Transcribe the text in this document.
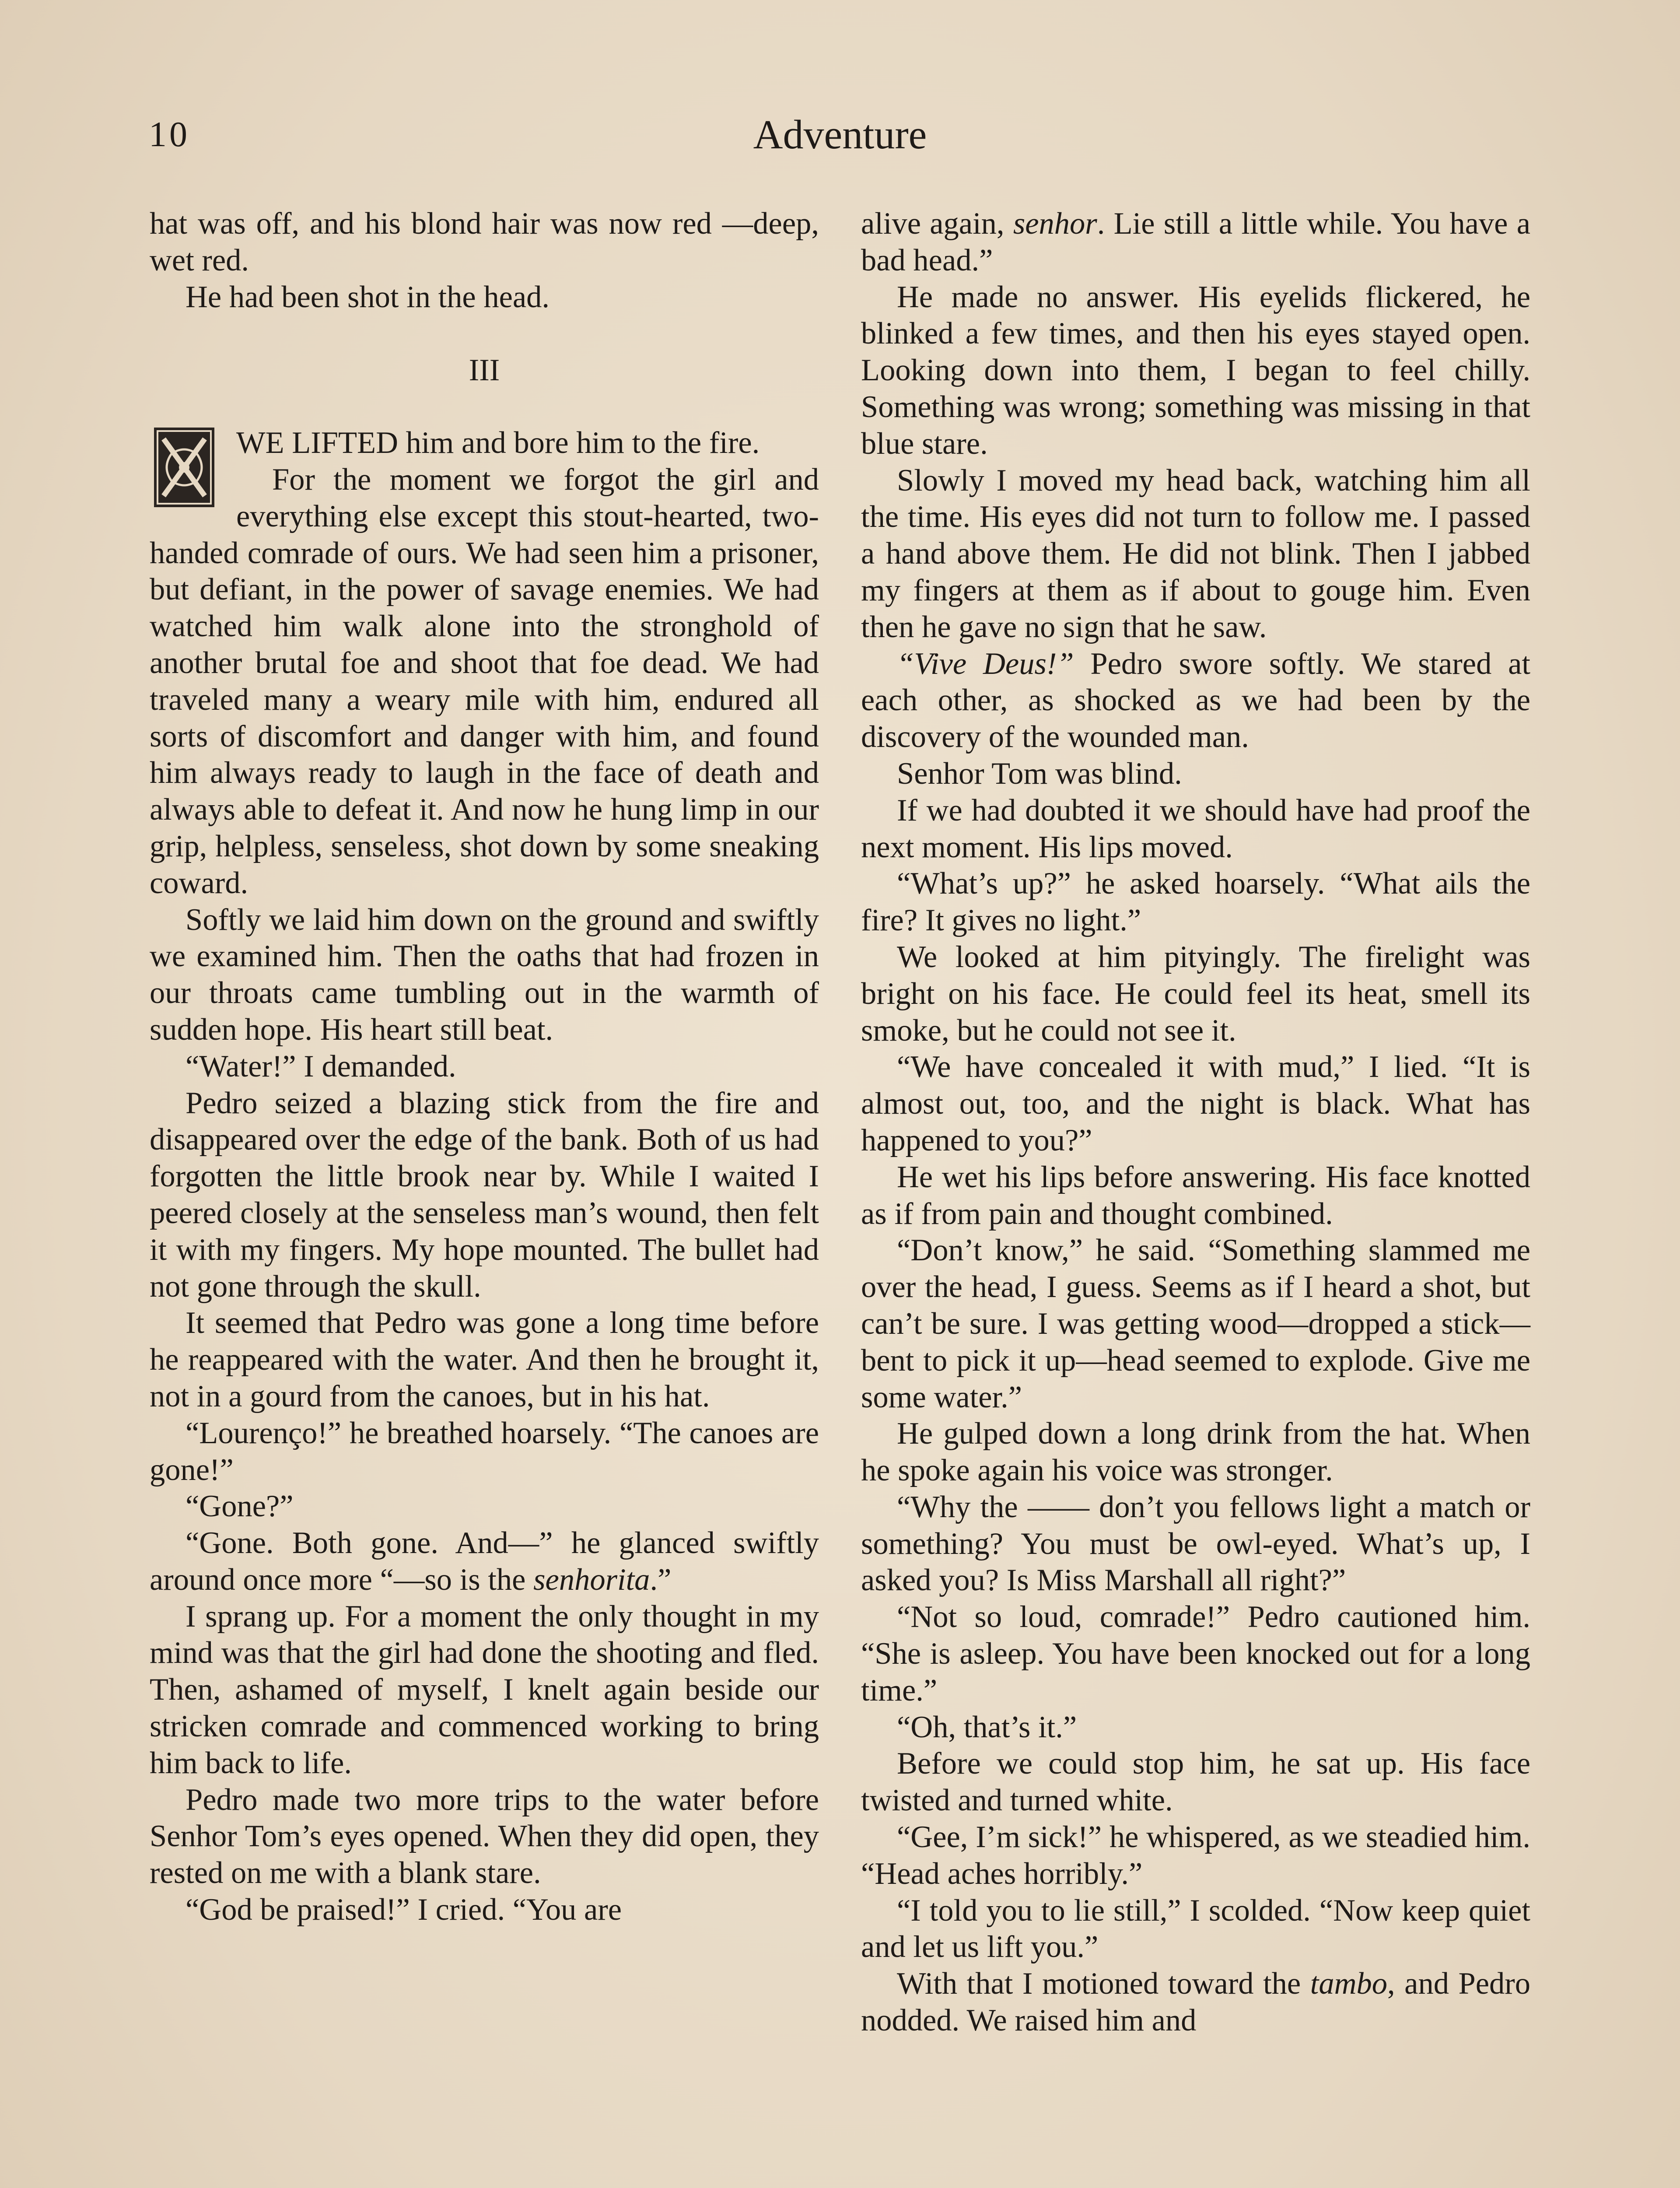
10	Adventure

hat was off, and his blond hair was now red —deep, wet red.

He had been shot in the head.

III

WE LIFTED him and bore him to the fire.

For the moment we forgot the girl and everything else except this stout-hearted, two-handed comrade of ours. We had seen him a prisoner, but defiant, in the power of savage enemies. We had watched him walk alone into the stronghold of another brutal foe and shoot that foe dead. We had traveled many a weary mile with him, endured all sorts of discomfort and danger with him, and found him always ready to laugh in the face of death and always able to defeat it. And now he hung limp in our grip, helpless, senseless, shot down by some sneaking coward.

Softly we laid him down on the ground and swiftly we examined him. Then the oaths that had frozen in our throats came tumbling out in the warmth of sudden hope. His heart still beat.

“Water!” I demanded.

Pedro seized a blazing stick from the fire and disappeared over the edge of the bank. Both of us had forgotten the little brook near by. While I waited I peered closely at the senseless man’s wound, then felt it with my fingers. My hope mounted. The bullet had not gone through the skull.

It seemed that Pedro was gone a long time before he reappeared with the water. And then he brought it, not in a gourd from the canoes, but in his hat.

“Lourenço!” he breathed hoarsely. “The canoes are gone!”

“Gone?”

“Gone. Both gone. And—” he glanced swiftly around once more “—so is the senhorita.”

I sprang up. For a moment the only thought in my mind was that the girl had done the shooting and fled. Then, ashamed of myself, I knelt again beside our stricken comrade and commenced working to bring him back to life.

Pedro made two more trips to the water before Senhor Tom’s eyes opened. When they did open, they rested on me with a blank stare.

“God be praised!” I cried. “You are

alive again, senhor. Lie still a little while. You have a bad head.”

He made no answer. His eyelids flickered, he blinked a few times, and then his eyes stayed open. Looking down into them, I began to feel chilly. Something was wrong; something was missing in that blue stare.

Slowly I moved my head back, watching him all the time. His eyes did not turn to follow me. I passed a hand above them. He did not blink. Then I jabbed my fingers at them as if about to gouge him. Even then he gave no sign that he saw.

“Vive Deus!” Pedro swore softly. We stared at each other, as shocked as we had been by the discovery of the wounded man.

Senhor Tom was blind.

If we had doubted it we should have had proof the next moment. His lips moved.

“What’s up?” he asked hoarsely. “What ails the fire? It gives no light.”

We looked at him pityingly. The firelight was bright on his face. He could feel its heat, smell its smoke, but he could not see it.

“We have concealed it with mud,” I lied. “It is almost out, too, and the night is black. What has happened to you?”

He wet his lips before answering. His face knotted as if from pain and thought combined.

“Don’t know,” he said. “Something slammed me over the head, I guess. Seems as if I heard a shot, but can’t be sure. I was getting wood—dropped a stick—bent to pick it up—head seemed to explode. Give me some water.”

He gulped down a long drink from the hat. When he spoke again his voice was stronger.

“Why the —— don’t you fellows light a match or something? You must be owl-eyed. What’s up, I asked you? Is Miss Marshall all right?”

“Not so loud, comrade!” Pedro cautioned him. “She is asleep. You have been knocked out for a long time.”

“Oh, that’s it.”

Before we could stop him, he sat up. His face twisted and turned white.

“Gee, I’m sick!” he whispered, as we steadied him. “Head aches horribly.”

“I told you to lie still,” I scolded. “Now keep quiet and let us lift you.”

With that I motioned toward the tambo, and Pedro nodded. We raised him and
